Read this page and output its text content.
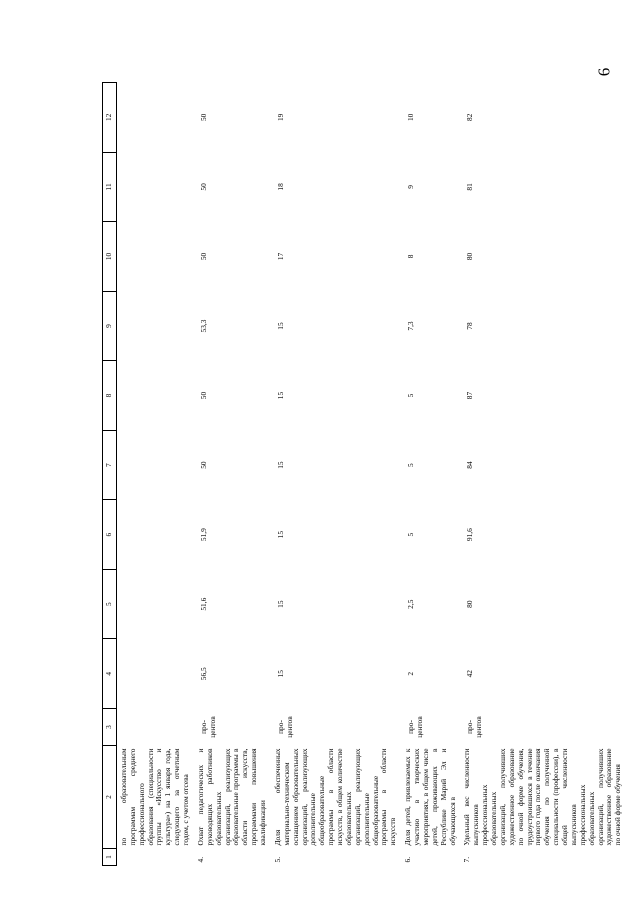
6
1	2	3	4	5	6	7	8	9	10	11	12
	по образовательным программам среднего профессионального образования (специальности группы «Искусство и культура») на 1 января года, следующего за отчетным годом, с учетом отсева										
4.	Охват педагогических и руководящих работников образовательных организаций, реализующих образовательные программы в области искусств, программами повышения квалификации	про-центов	56,5	51,6	51,9	50	50	53,3	50	50	50
5.	Доля обеспеченных материально-техническим оснащением образовательных организаций, реализующих дополнительные общеобразовательные программы в области искусств, в общем количестве образовательных организаций, реализующих дополнительные общеобразовательные программы в области искусств	про-центов	15	15	15	15	15	15	17	18	19
6.	Доля детей, привлекаемых к участию в творческих мероприятиях, в общем числе детей, проживающих в Республике Марий Эл и обучающихся в	про-центов	2	2,5	5	5	5	7,3	8	9	10
7.	Удельный вес численности выпускников профессиональных образовательных организаций, получивших художественное образование по очной форме обучения, трудоустроившихся в течение первого года после окончания обучения по полученной специальности (профессии), в общей численности выпускников профессиональных образовательных организаций, получивших художественное образование по очной форме обучения	про-центов	42	80	91,6	84	87	78	80	81	82
